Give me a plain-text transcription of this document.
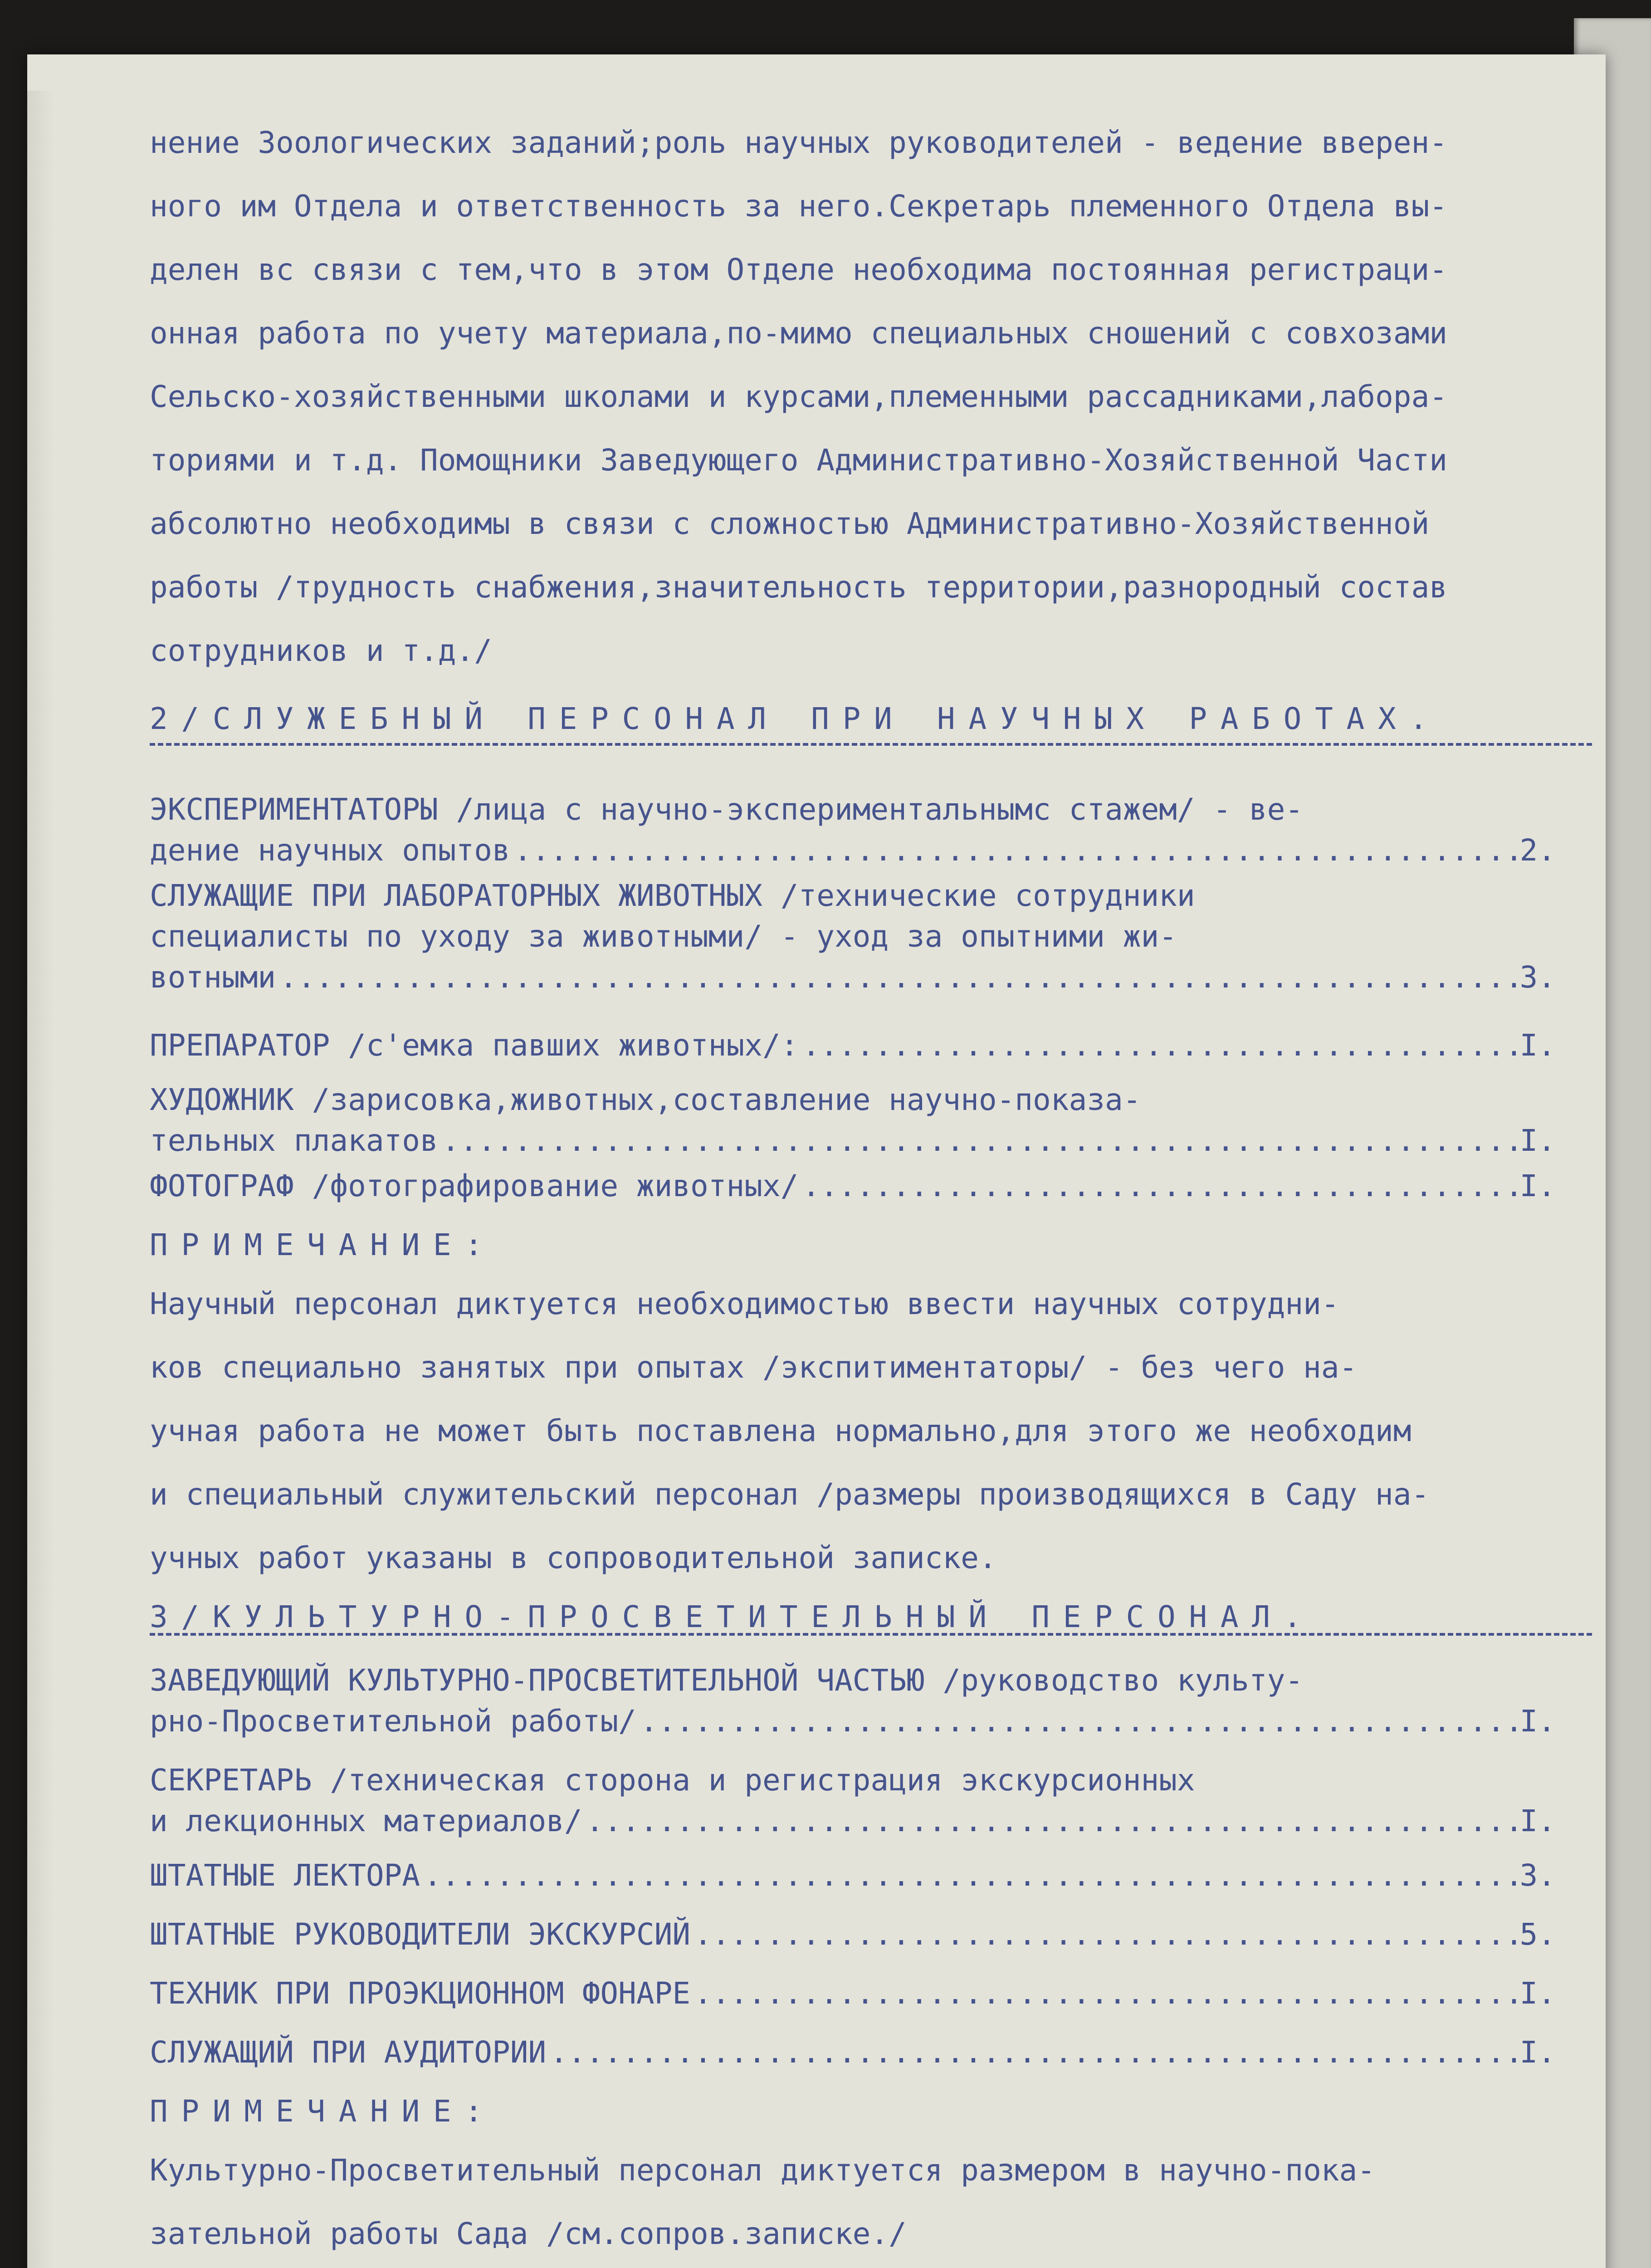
нение Зоологических заданий;роль научных руководителей - ведение вверен-
ного им Отдела и ответственность за него.Секретарь племенного Отдела вы-
делен вс связи с тем,что в этом Отделе необходима постоянная регистраци-
онная работа по учету материала,по-мимо специальных сношений с совхозами
Сельско-хозяйственными школами и курсами,племенными рассадниками,лабора-
ториями и т.д. Помощники Заведующего Административно-Хозяйственной Части
абсолютно необходимы в связи с сложностью Административно-Хозяйственной
работы /трудность снабжения,значительность территории,разнородный состав
сотрудников и т.д./
2/СЛУЖЕБНЫЙ ПЕРСОНАЛ ПРИ НАУЧНЫХ РАБОТАХ.
ЭКСПЕРИМЕНТАТОРЫ /лица с научно-экспериментальнымс стажем/ - ве-
дение научных опытов .....	2.
СЛУЖАЩИЕ ПРИ ЛАБОРАТОРНЫХ ЖИВОТНЫХ /технические сотрудники
специалисты по уходу за животными/ - уход за опытними жи-
вотными .....	3.
ПРЕПАРАТОР /с'емка павших животных/: .....	I.
ХУДОЖНИК /зарисовка,животных,составление научно-показа-
тельных плакатов .....	I.
ФОТОГРАФ /фотографирование животных/ .....	I.
ПРИМЕЧАНИЕ:
Научный персонал диктуется необходимостью ввести научных сотрудни-
ков специально занятых при опытах /экспитиментаторы/ - без чего на-
учная работа не может быть поставлена нормально,для этого же необходим
и специальный служительский персонал /размеры производящихся в Саду на-
учных работ указаны в сопроводительной записке.
3/КУЛЬТУРНО-ПРОСВЕТИТЕЛЬНЫЙ ПЕРСОНАЛ.
ЗАВЕДУЮЩИЙ КУЛЬТУРНО-ПРОСВЕТИТЕЛЬНОЙ ЧАСТЬЮ /руководство культу-
рно-Просветительной работы/ .....	I.
СЕКРЕТАРЬ /техническая сторона и регистрация экскурсионных
и лекционных материалов/ .....	I.
ШТАТНЫЕ ЛЕКТОРА .....	3.
ШТАТНЫЕ РУКОВОДИТЕЛИ ЭКСКУРСИЙ .....	5.
ТЕХНИК ПРИ ПРОЭКЦИОННОМ ФОНАРЕ .....	I.
СЛУЖАЩИЙ ПРИ АУДИТОРИИ .....	I.
ПРИМЕЧАНИЕ:
Культурно-Просветительный персонал диктуется размером в научно-пока-
зательной работы Сада /см.сопров.записке./
